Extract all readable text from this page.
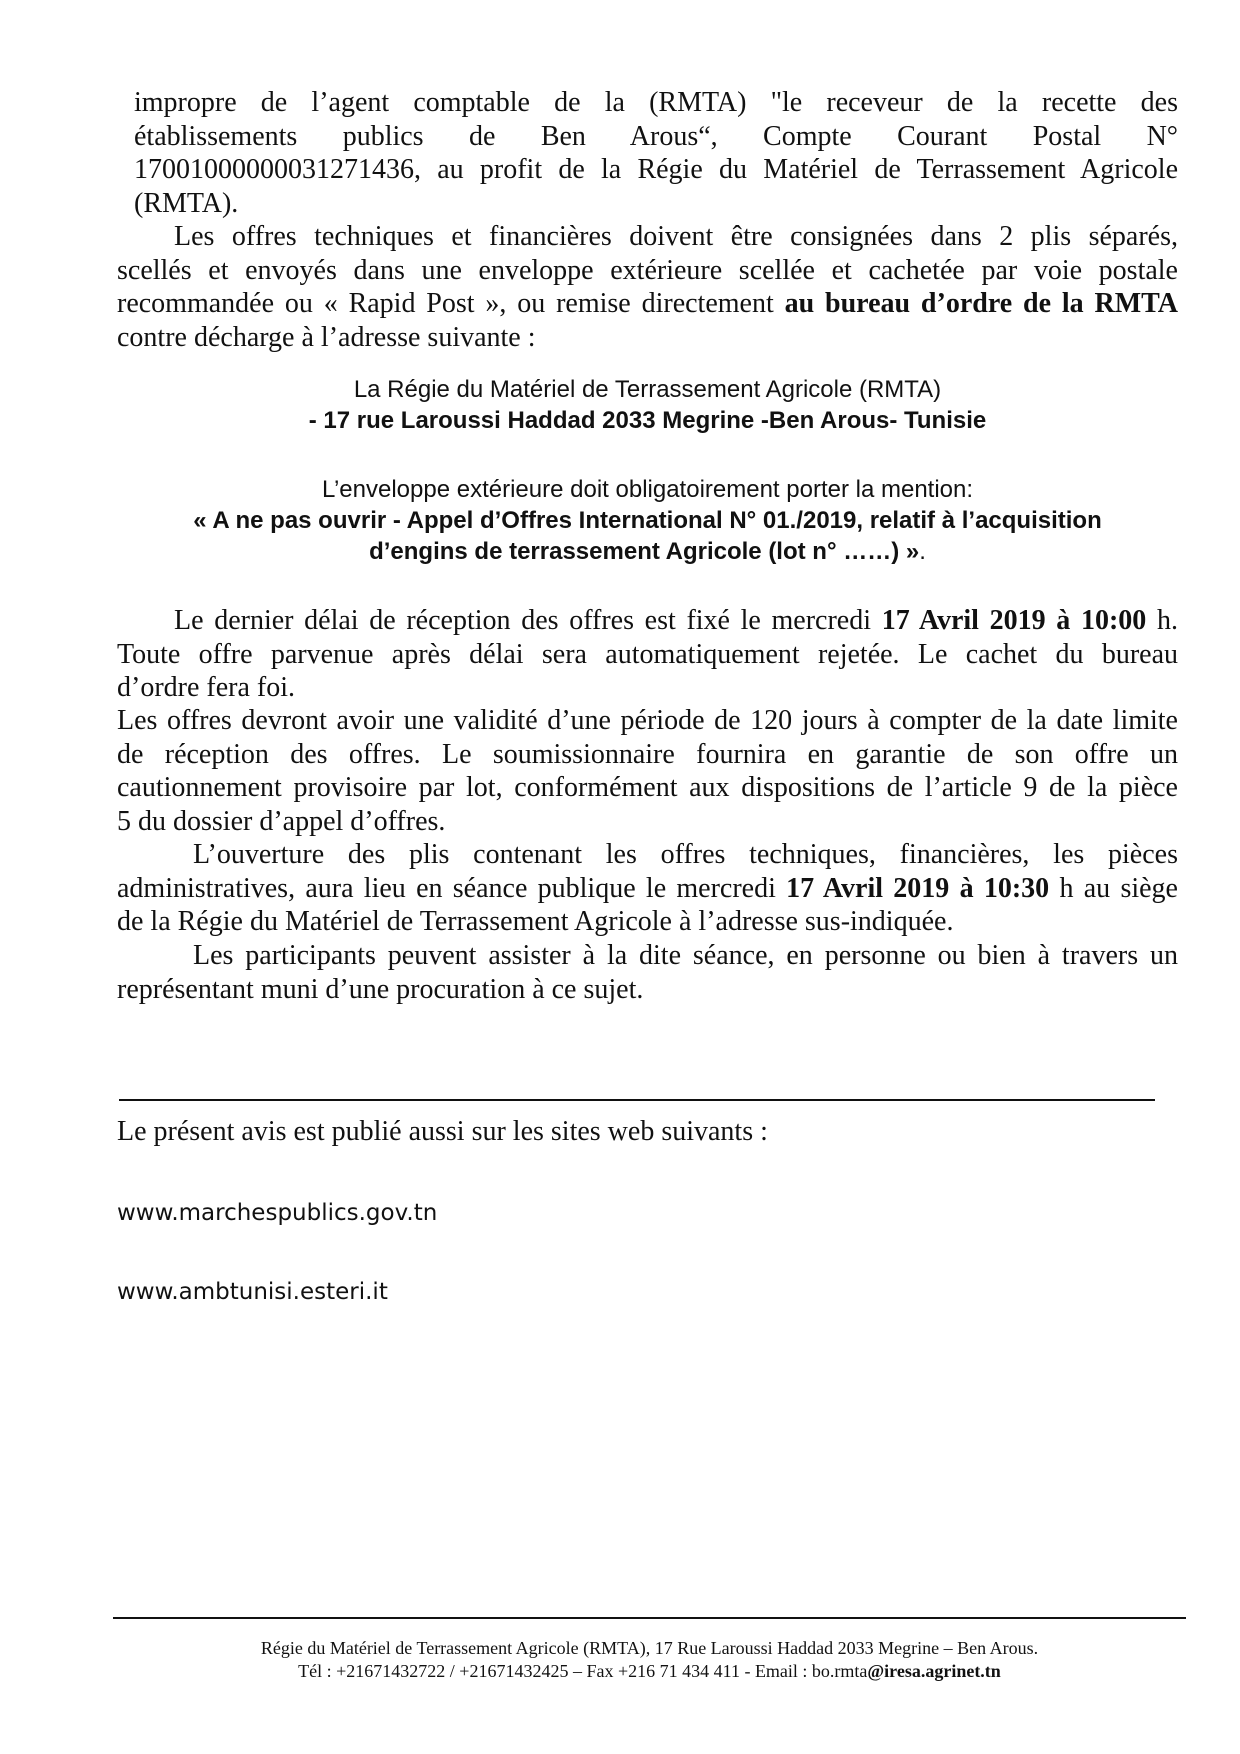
impropre de l’agent comptable de la (RMTA) "le receveur de la recette des
établissements publics de Ben Arous“, Compte Courant Postal N°
17001000000031271436, au profit de la Régie du Matériel de Terrassement Agricole
(RMTA).
Les offres techniques et financières doivent être consignées dans 2 plis séparés,
scellés et envoyés dans une enveloppe extérieure scellée et cachetée par voie postale
recommandée ou « Rapid Post », ou remise directement au bureau d’ordre de la RMTA
contre décharge à l’adresse suivante :
La Régie du Matériel de Terrassement Agricole (RMTA)
- 17 rue Laroussi Haddad 2033 Megrine -Ben Arous- Tunisie
L’enveloppe extérieure doit obligatoirement porter la mention:
« A ne pas ouvrir - Appel d’Offres International N° 01./2019, relatif à l’acquisition
d’engins de terrassement Agricole (lot n° ……) ».
Le dernier délai de réception des offres est fixé le mercredi 17 Avril 2019 à 10:00 h.
Toute offre parvenue après délai sera automatiquement rejetée. Le cachet du bureau
d’ordre fera foi.
Les offres devront avoir une validité d’une période de 120 jours à compter de la date limite
de réception des offres. Le soumissionnaire fournira en garantie de son offre un
cautionnement provisoire par lot, conformément aux dispositions de l’article 9 de la pièce
5 du dossier d’appel d’offres.
L’ouverture des plis contenant les offres techniques, financières, les pièces
administratives, aura lieu en séance publique le mercredi 17 Avril 2019 à 10:30 h au siège
de la Régie du Matériel de Terrassement Agricole à l’adresse sus-indiquée.
Les participants peuvent assister à la dite séance, en personne ou bien à travers un
représentant muni d’une procuration à ce sujet.
Le présent avis est publié aussi sur les sites web suivants :
www.marchespublics.gov.tn
www.ambtunisi.esteri.it
Régie du Matériel de Terrassement Agricole (RMTA), 17 Rue Laroussi Haddad 2033 Megrine – Ben Arous.
Tél : +21671432722 / +21671432425 – Fax +216 71 434 411 - Email : bo.rmta@iresa.agrinet.tn
